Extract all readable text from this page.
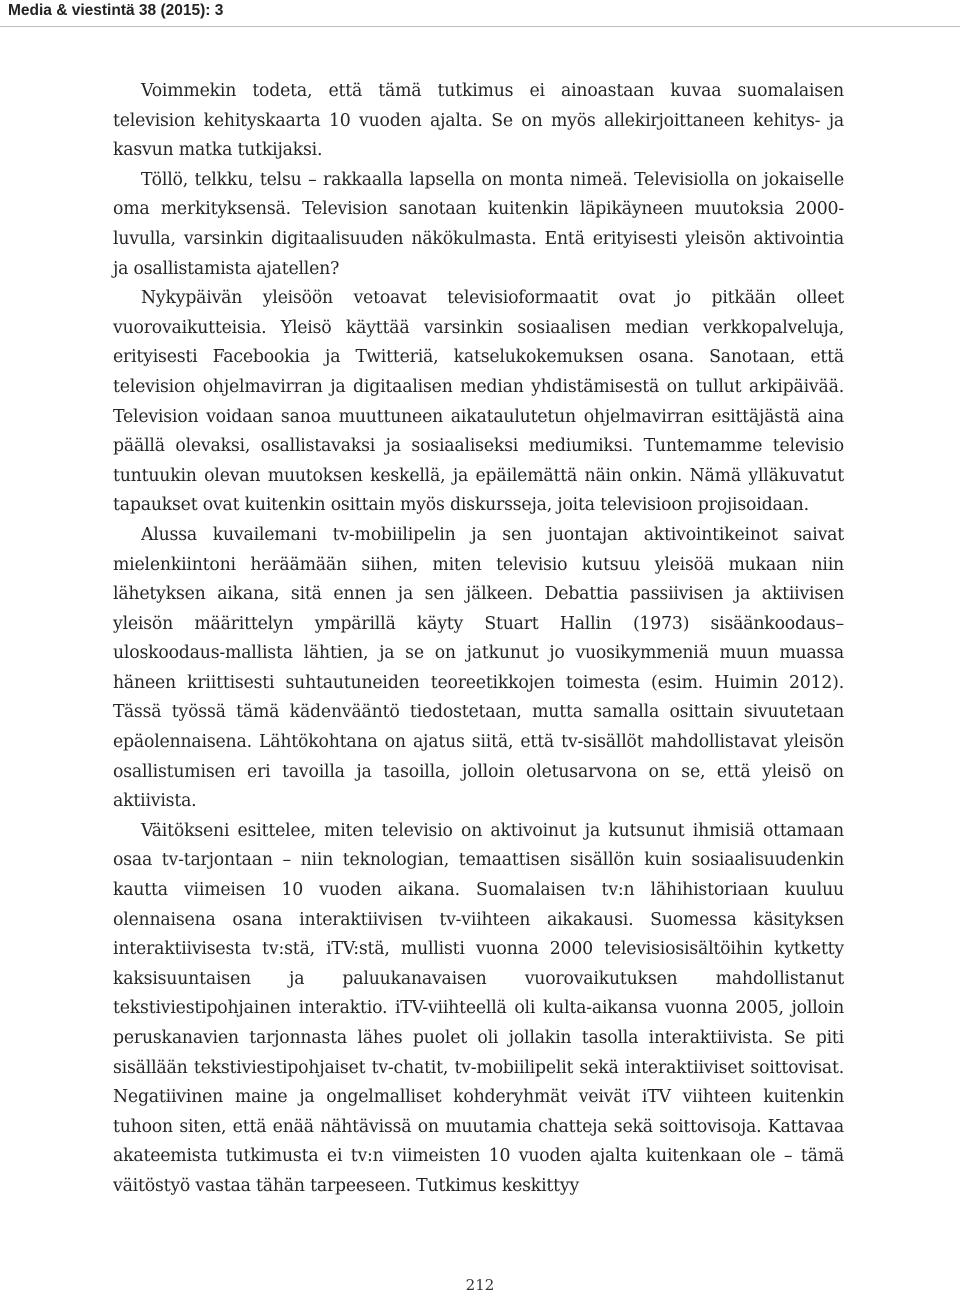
Media & viestintä 38 (2015): 3

Voimmekin todeta, että tämä tutkimus ei ainoastaan kuvaa suomalaisen television kehityskaarta 10 vuoden ajalta. Se on myös allekirjoittaneen kehitys- ja kasvun matka tutkijaksi.

Töllö, telkku, telsu – rakkaalla lapsella on monta nimeä. Televisiolla on jokaiselle oma merkityksensä. Television sanotaan kuitenkin läpikäyneen muutoksia 2000-luvulla, varsinkin digitaalisuuden näkökulmasta. Entä erityisesti yleisön aktivointia ja osallistamista ajatellen?

Nykypäivän yleisöön vetoavat televisioformaatit ovat jo pitkään olleet vuorovaikutteisia. Yleisö käyttää varsinkin sosiaalisen median verkkopalveluja, erityisesti Facebookia ja Twitteriä, katselukokemuksen osana. Sanotaan, että television ohjelmavirran ja digitaalisen median yhdistämisestä on tullut arkipäivää. Television voidaan sanoa muuttuneen aikataulutetun ohjelmavirran esittäjästä aina päällä olevaksi, osallistavaksi ja sosiaaliseksi mediumiksi. Tuntemamme televisio tuntuukin olevan muutoksen keskellä, ja epäilemättä näin onkin. Nämä ylläkuvatut tapaukset ovat kuitenkin osittain myös diskursseja, joita televisioon projisoidaan.

Alussa kuvailemani tv-mobiilipelin ja sen juontajan aktivointikeinot saivat mielenkiintoni heräämään siihen, miten televisio kutsuu yleisöä mukaan niin lähetyksen aikana, sitä ennen ja sen jälkeen. Debattia passiivisen ja aktiivisen yleisön määrittelyn ympärillä käyty Stuart Hallin (1973) sisäänkoodaus–uloskoodaus-mallista lähtien, ja se on jatkunut jo vuosikymmeniä muun muassa häneen kriittisesti suhtautuneiden teoreetikkojen toimesta (esim. Huimin 2012). Tässä työssä tämä kädenvääntö tiedostetaan, mutta samalla osittain sivuutetaan epäolennaisena. Lähtökohtana on ajatus siitä, että tv-sisällöt mahdollistavat yleisön osallistumisen eri tavoilla ja tasoilla, jolloin oletusarvona on se, että yleisö on aktiivista.

Väitökseni esittelee, miten televisio on aktivoinut ja kutsunut ihmisiä ottamaan osaa tv-tarjontaan – niin teknologian, temaattisen sisällön kuin sosiaalisuudenkin kautta viimeisen 10 vuoden aikana. Suomalaisen tv:n lähihistoriaan kuuluu olennaisena osana interaktiivisen tv-viihteen aikakausi. Suomessa käsityksen interaktiivisesta tv:stä, iTV:stä, mullisti vuonna 2000 televisiosisältöihin kytketty kaksisuuntaisen ja paluukanavaisen vuorovaikutuksen mahdollistanut tekstiviestipohjainen interaktio. iTV-viihteellä oli kulta-aikansa vuonna 2005, jolloin peruskanavien tarjonnasta lähes puolet oli jollakin tasolla interaktiivista. Se piti sisällään tekstiviestipohjaiset tv-chatit, tv-mobiilipelit sekä interaktiiviset soittovisat. Negatiivinen maine ja ongelmalliset kohderyhmät veivät iTV viihteen kuitenkin tuhoon siten, että enää nähtävissä on muutamia chatteja sekä soittovisoja. Kattavaa akateemista tutkimusta ei tv:n viimeisten 10 vuoden ajalta kuitenkaan ole – tämä väitöstyö vastaa tähän tarpeeseen. Tutkimus keskittyy

212
